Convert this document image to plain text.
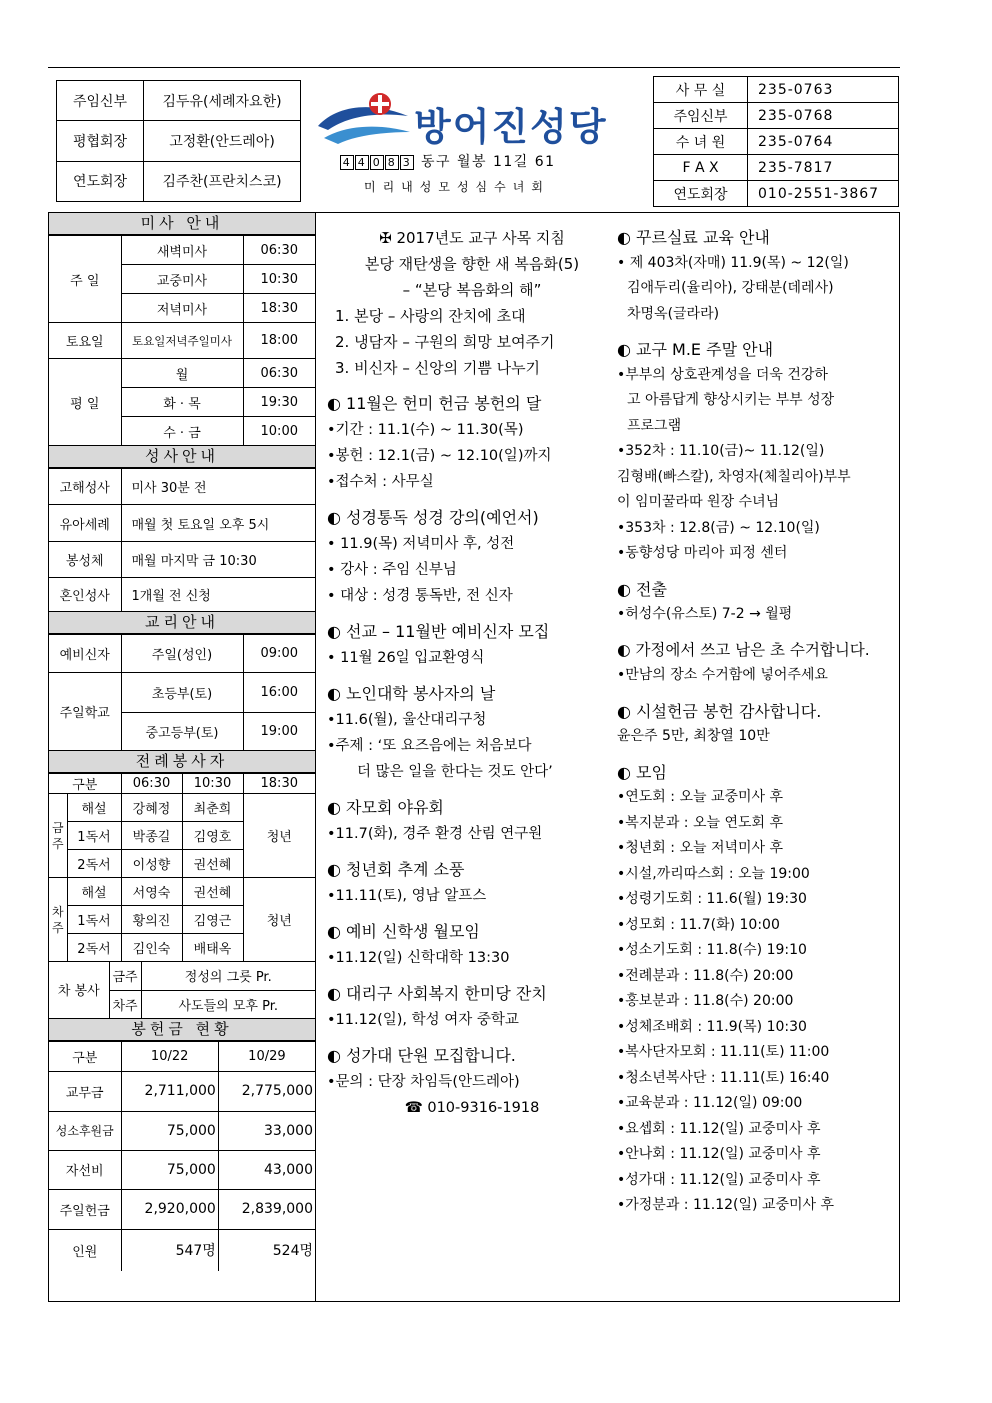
주임신부	김두유(세례자요한)
평협회장	고정환(안드레아)
연도회장	김주찬(프란치스코)
방어진성당
4 4 0 8 3 동구 월봉 11길 61
미리내성모성심수녀회
사 무 실	235-0763
주임신부	235-0768
수 녀 원	235-0764
F A X	235-7817
연도회장	010-2551-3867
미사 안내
주 일	새벽미사	06:30
	교중미사	10:30
	저녁미사	18:30
토요일	토요일저녁주일미사	18:00
평 일	월	06:30
	화 · 목	19:30
	수 · 금	10:00
성사안내
고해성사	미사 30분 전
유아세례	매월 첫 토요일 오후 5시
봉성체	매월 마지막 금 10:30
혼인성사	1개월 전 신청
교리안내
예비신자	주일(성인)	09:00
주일학교	초등부(토)	16:00
	중고등부(토)	19:00
전례봉사자
구분		06:30	10:30	18:30
금주	해설	강혜정	최춘희	청년
	1독서	박종길	김영호	
	2독서	이성향	권선혜	
차주	해설	서영숙	권선혜	청년
	1독서	황의진	김영근	
	2독서	김인숙	배태옥	
차 봉사	금주	정성의 그릇 Pr.
	차주	사도들의 모후 Pr.
봉헌금 현황
구분	10/22	10/29
교무금	2,711,000	2,775,000
성소후원금	75,000	33,000
자선비	75,000	43,000
주일헌금	2,920,000	2,839,000
인원	547명	524명
✠ 2017년도 교구 사목 지침
본당 재탄생을 향한 새 복음화(5)
– “본당 복음화의 해”
1. 본당 – 사랑의 잔치에 초대
2. 냉담자 – 구원의 희망 보여주기
3. 비신자 – 신앙의 기쁨 나누기
◐ 11월은 헌미 헌금 봉헌의 달
•기간 : 11.1(수) ~ 11.30(목)
•봉헌 : 12.1(금) ~ 12.10(일)까지
•접수처 : 사무실
◐ 성경통독 성경 강의(예언서)
• 11.9(목) 저녁미사 후, 성전
• 강사 : 주임 신부님
• 대상 : 성경 통독반, 전 신자
◐ 선교 – 11월반 예비신자 모집
• 11월 26일 입교환영식
◐ 노인대학 봉사자의 날
•11.6(월), 울산대리구청
•주제 : ‘또 요즈음에는 처음보다
더 많은 일을 한다는 것도 안다’
◐ 자모회 야유회
•11.7(화), 경주 환경 산림 연구원
◐ 청년회 추계 소풍
•11.11(토), 영남 알프스
◐ 예비 신학생 월모임
•11.12(일) 신학대학 13:30
◐ 대리구 사회복지 한미당 잔치
•11.12(일), 학성 여자 중학교
◐ 성가대 단원 모집합니다.
•문의 : 단장 차임득(안드레아)
☎ 010-9316-1918
◐ 꾸르실료 교육 안내
• 제 403차(자매) 11.9(목) ~ 12(일)
김애두리(율리아), 강태분(데레사)
차명옥(글라라)
◐ 교구 M.E 주말 안내
•부부의 상호관계성을 더욱 건강하
고 아름답게 향상시키는 부부 성장
프로그램
•352차 : 11.10(금)~ 11.12(일)
김형배(빠스칼), 차영자(체칠리아)부부
이 임미꿀라따 원장 수녀님
•353차 : 12.8(금) ~ 12.10(일)
•동향성당 마리아 피정 센터
◐ 전출
•허성수(유스토) 7-2 → 월평
◐ 가정에서 쓰고 남은 초 수거합니다.
•만남의 장소 수거함에 넣어주세요
◐ 시설헌금 봉헌 감사합니다.
윤은주 5만, 최창열 10만
◐ 모임
•연도회 : 오늘 교중미사 후
•복지분과 : 오늘 연도회 후
•청년회 : 오늘 저녁미사 후
•시설,까리따스회 : 오늘 19:00
•성령기도회 : 11.6(월) 19:30
•성모회 : 11.7(화) 10:00
•성소기도회 : 11.8(수) 19:10
•전례분과 : 11.8(수) 20:00
•홍보분과 : 11.8(수) 20:00
•성체조배회 : 11.9(목) 10:30
•복사단자모회 : 11.11(토) 11:00
•청소년복사단 : 11.11(토) 16:40
•교육분과 : 11.12(일) 09:00
•요셉회 : 11.12(일) 교중미사 후
•안나회 : 11.12(일) 교중미사 후
•성가대 : 11.12(일) 교중미사 후
•가정분과 : 11.12(일) 교중미사 후
